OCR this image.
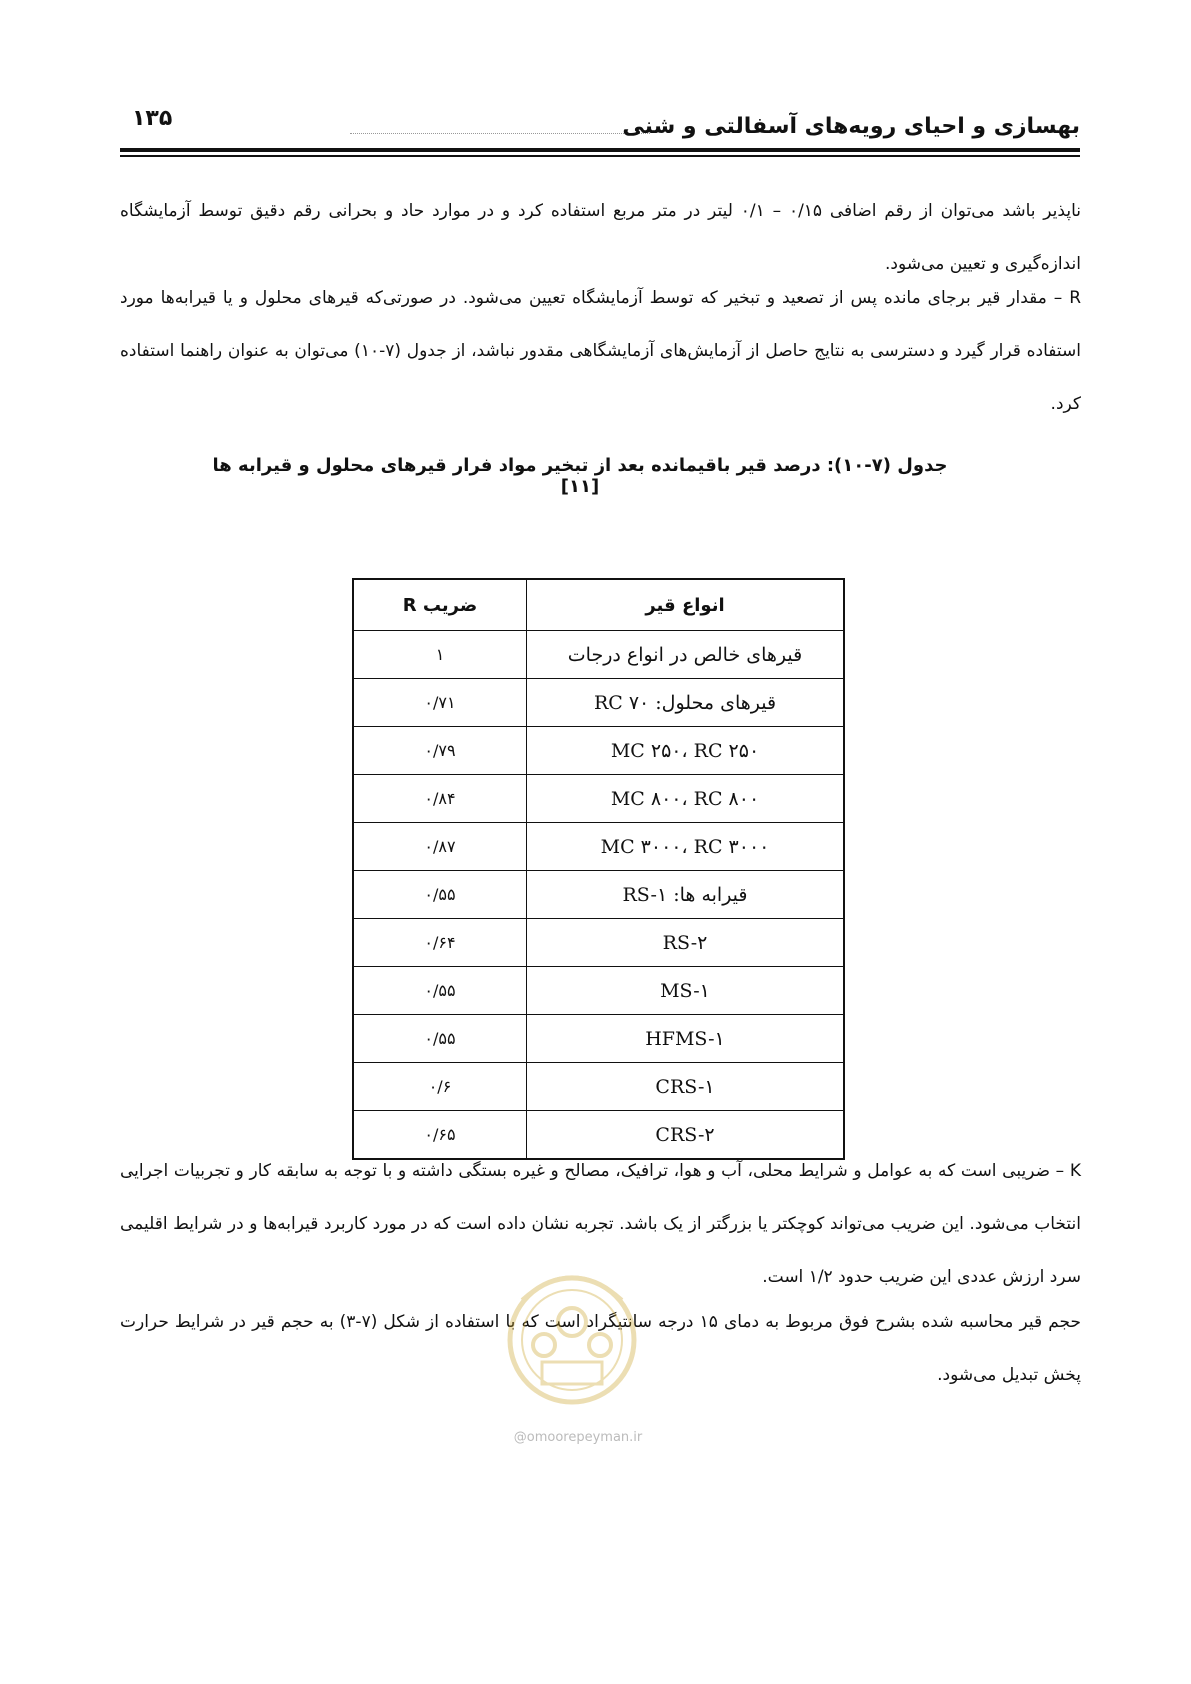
۱۳۵	بهسازی و احیای رویه‌های آسفالتی و شنی
ناپذیر باشد می‌توان از رقم اضافی ۰/۱۵ – ۰/۱ لیتر در متر مربع استفاده کرد و در موارد حاد و بحرانی رقم دقیق توسط آزمایشگاه اندازه‌گیری و تعیین می‌شود.
R – مقدار قیر برجای مانده پس از تصعید و تبخیر که توسط آزمایشگاه تعیین می‌شود. در صورتی‌که قیرهای محلول و یا قیرابه‌ها مورد استفاده قرار گیرد و دسترسی به نتایج حاصل از آزمایش‌های آزمایشگاهی مقدور نباشد، از جدول (۷-۱۰) می‌توان به عنوان راهنما استفاده کرد.
جدول (۷-۱۰): درصد قیر باقیمانده بعد از تبخیر مواد فرار قیرهای محلول و قیرابه ها [۱۱]
انواع قیر	ضریب R
قیرهای خالص در انواع درجات	۱
قیرهای محلول: RC ۷۰	۰/۷۱
MC ۲۵۰، RC ۲۵۰	۰/۷۹
MC ۸۰۰، RC ۸۰۰	۰/۸۴
MC ۳۰۰۰، RC ۳۰۰۰	۰/۸۷
قیرابه ها: RS-۱	۰/۵۵
RS-۲	۰/۶۴
MS-۱	۰/۵۵
HFMS-۱	۰/۵۵
CRS-۱	۰/۶
CRS-۲	۰/۶۵
K – ضریبی است که به عوامل و شرایط محلی، آب و هوا، ترافیک، مصالح و غیره بستگی داشته و با توجه به سابقه کار و تجربیات اجرایی انتخاب می‌شود. این ضریب می‌تواند کوچکتر یا بزرگتر از یک باشد. تجربه نشان داده است که در مورد کاربرد قیرابه‌ها و در شرایط اقلیمی سرد ارزش عددی این ضریب حدود ۱/۲ است.
حجم قیر محاسبه شده بشرح فوق مربوط به دمای ۱۵ درجه سانتیگراد است که با استفاده از شکل (۷-۳) به حجم قیر در شرایط حرارت پخش تبدیل می‌شود.
@omoorepeyman.ir
